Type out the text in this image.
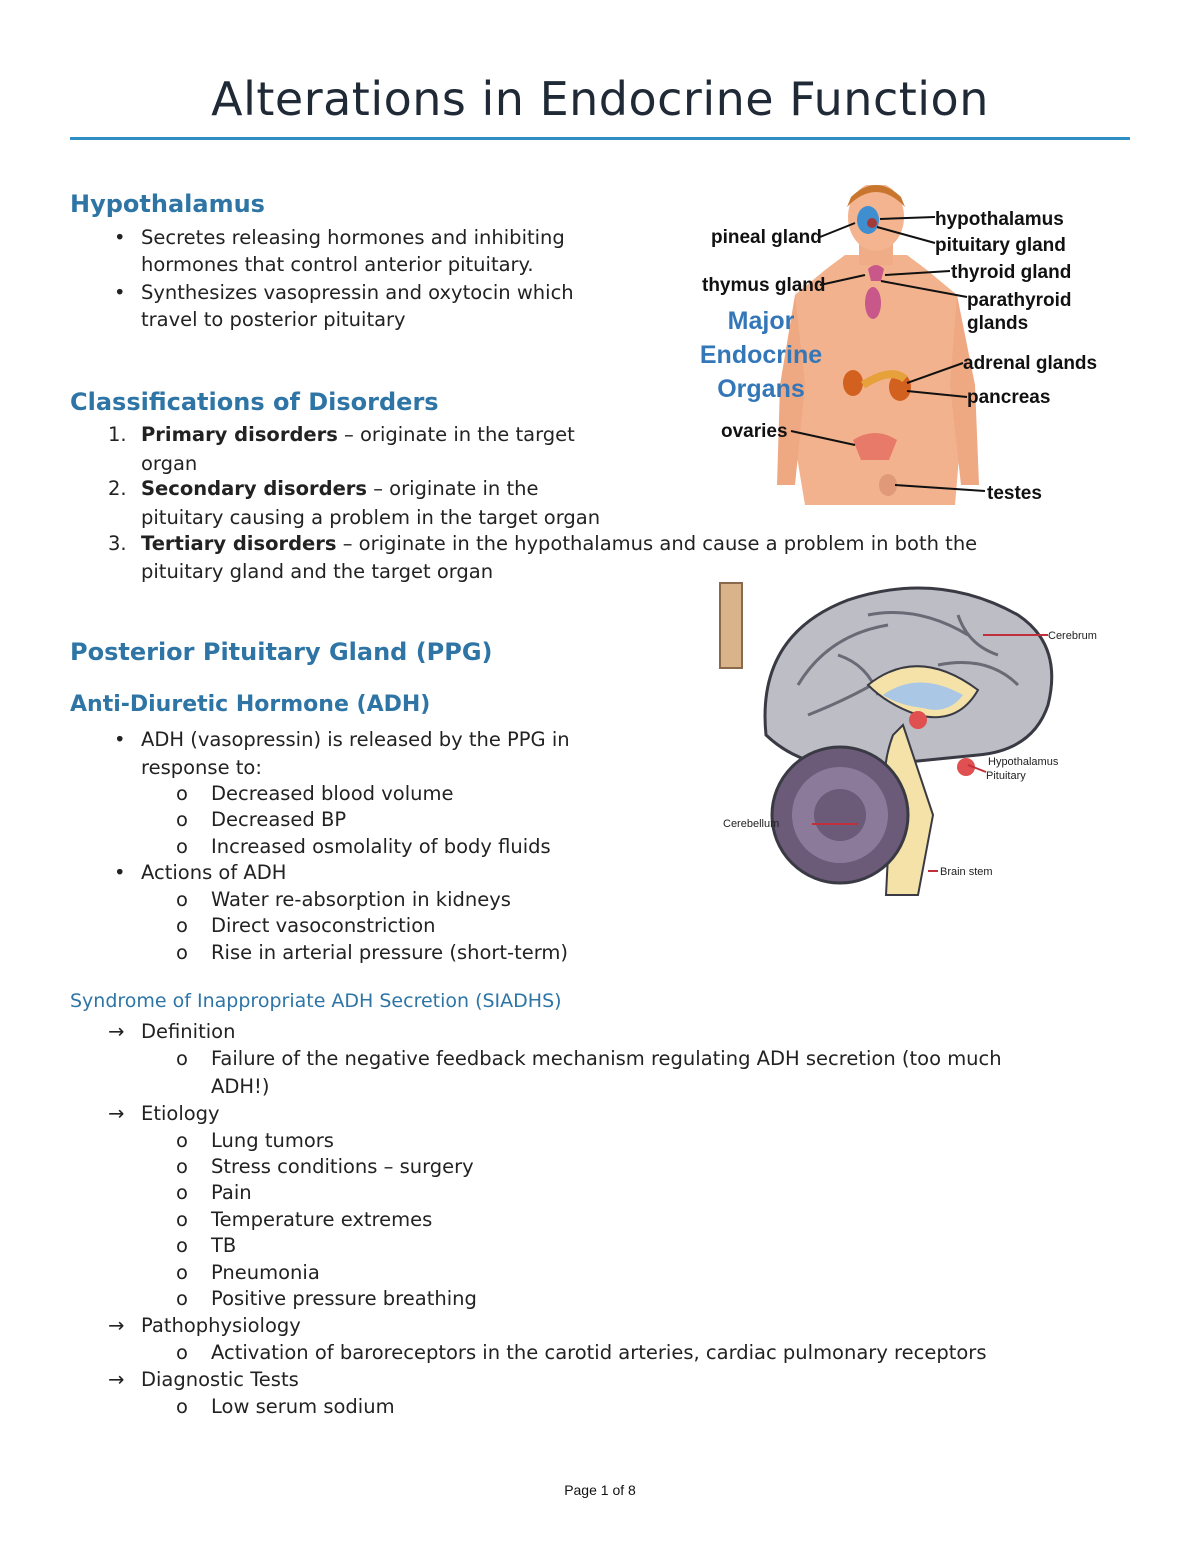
Alterations in Endocrine Function
Hypothalamus
• Secretes releasing hormones and inhibiting
hormones that control anterior pituitary.
• Synthesizes vasopressin and oxytocin which
travel to posterior pituitary
Classifications of Disorders
1. Primary disorders – originate in the target
organ
2. Secondary disorders – originate in the
pituitary causing a problem in the target organ
3. Tertiary disorders – originate in the hypothalamus and cause a problem in both the
pituitary gland and the target organ
Posterior Pituitary Gland (PPG)
Anti-Diuretic Hormone (ADH)
• ADH (vasopressin) is released by the PPG in
response to:
o Decreased blood volume
o Decreased BP
o Increased osmolality of body fluids
• Actions of ADH
o Water re-absorption in kidneys
o Direct vasoconstriction
o Rise in arterial pressure (short-term)
Syndrome of Inappropriate ADH Secretion (SIADHS)
→ Definition
o Failure of the negative feedback mechanism regulating ADH secretion (too much
ADH!)
→ Etiology
o Lung tumors
o Stress conditions – surgery
o Pain
o Temperature extremes
o TB
o Pneumonia
o Positive pressure breathing
→ Pathophysiology
o Activation of baroreceptors in the carotid arteries, cardiac pulmonary receptors
→ Diagnostic Tests
o Low serum sodium
pineal gland
thymus gland
ovaries
hypothalamus
pituitary gland
thyroid gland
parathyroid
glands
adrenal glands
pancreas
testes
Major
Endocrine
Organs
Cerebrum
Hypothalamus
Pituitary
Cerebellum
Brain stem
Page 1 of 8
